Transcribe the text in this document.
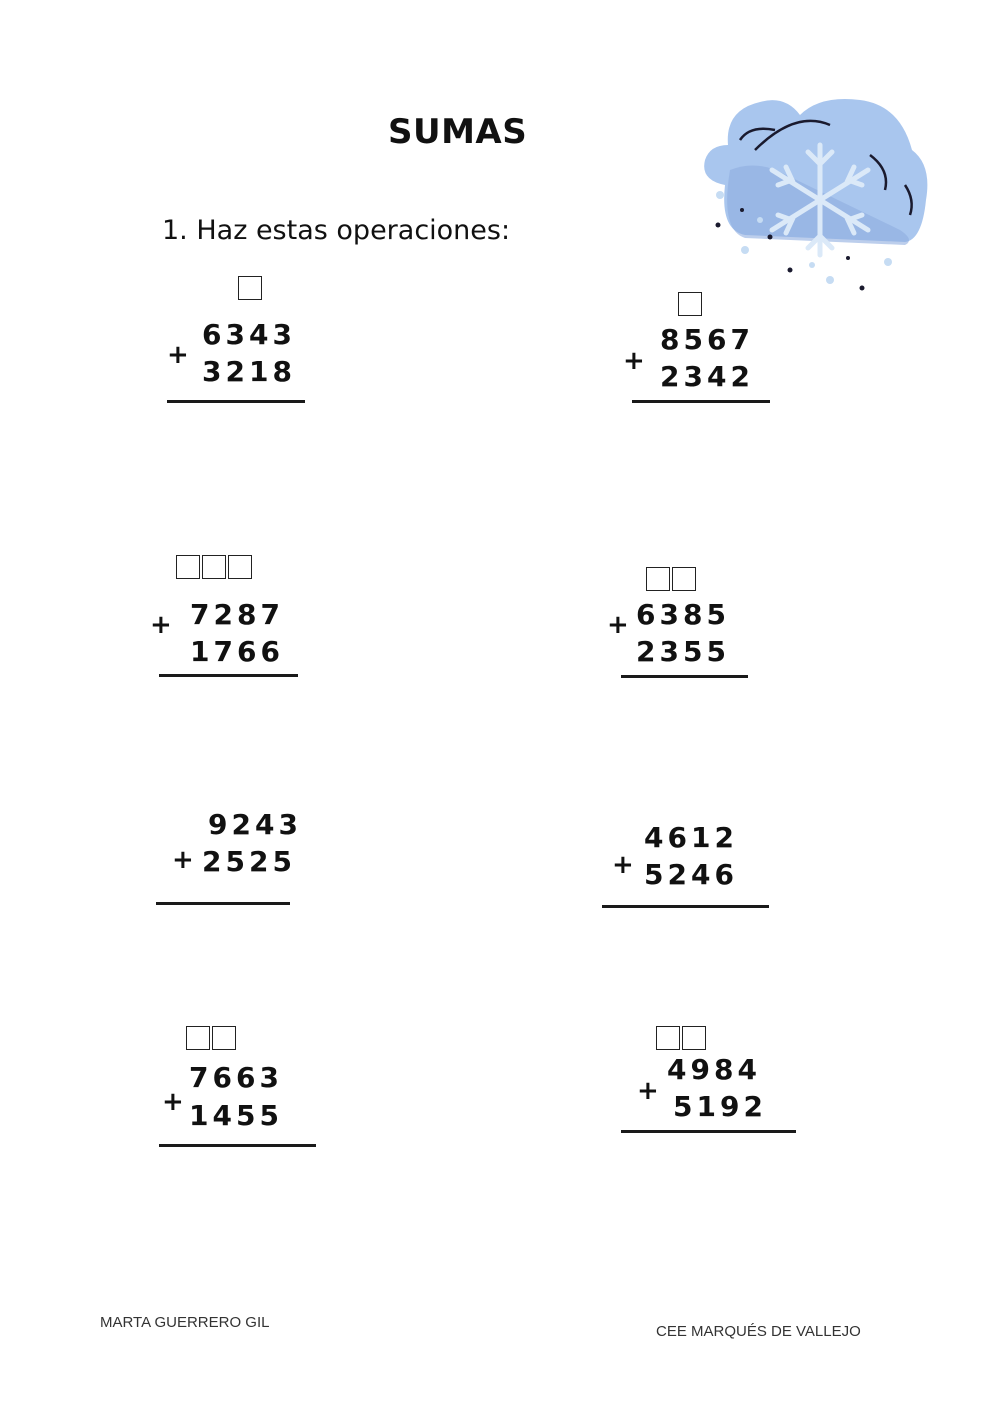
SUMAS
1. Haz estas operaciones:
6343
+ 3218
8567
+ 2342
7287
+
1766
6385
+
2355
9243
+ 2525
4612
+ 5246
7663
+ 1455
4984
+ 5192
MARTA GUERRERO GIL
CEE MARQUÉS DE VALLEJO
